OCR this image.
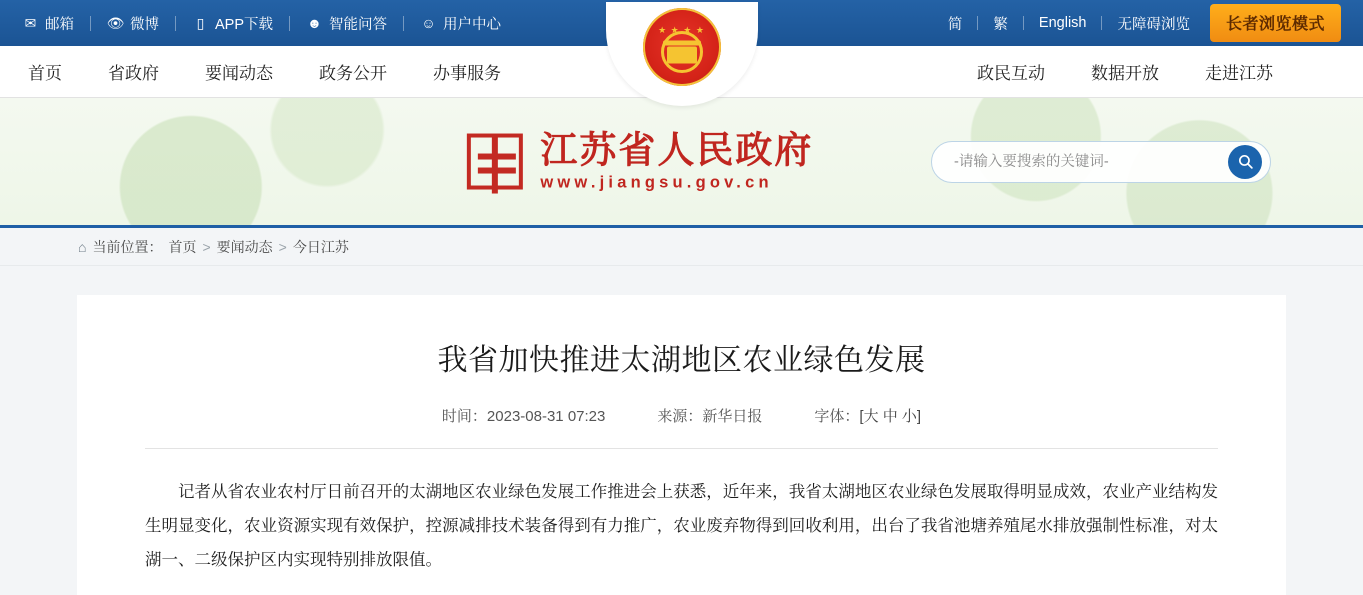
✉ 邮箱 👁 微博	▯ APP下载 ☻ 智能问答 ☺ 用户中心	简 繁 English 无障碍浏览	长者浏览模式
首页	省政府	要闻动态	政务公开	办事服务
★ ★ ★ ★
政民互动	数据开放	走进江苏
江苏省人民政府
www.jiangsu.gov.cn
-请输入要搜索的关键词-
⌂ 当前位置： 首页 > 要闻动态 > 今日江苏
我省加快推进太湖地区农业绿色发展
时间：2023-08-31 07:23	来源：新华日报	字体：[大 中 小]

记者从省农业农村厅日前召开的太湖地区农业绿色发展工作推进会上获悉，近年来，我省太湖地区农业绿色发展取得明显成效，农业产业结构发生明显变化，农业资源实现有效保护，控源减排技术装备得到有力推广，农业废弃物得到回收利用，出台了我省池塘养殖尾水排放强制性标准，对太湖一、二级保护区内实现特别排放限值。
